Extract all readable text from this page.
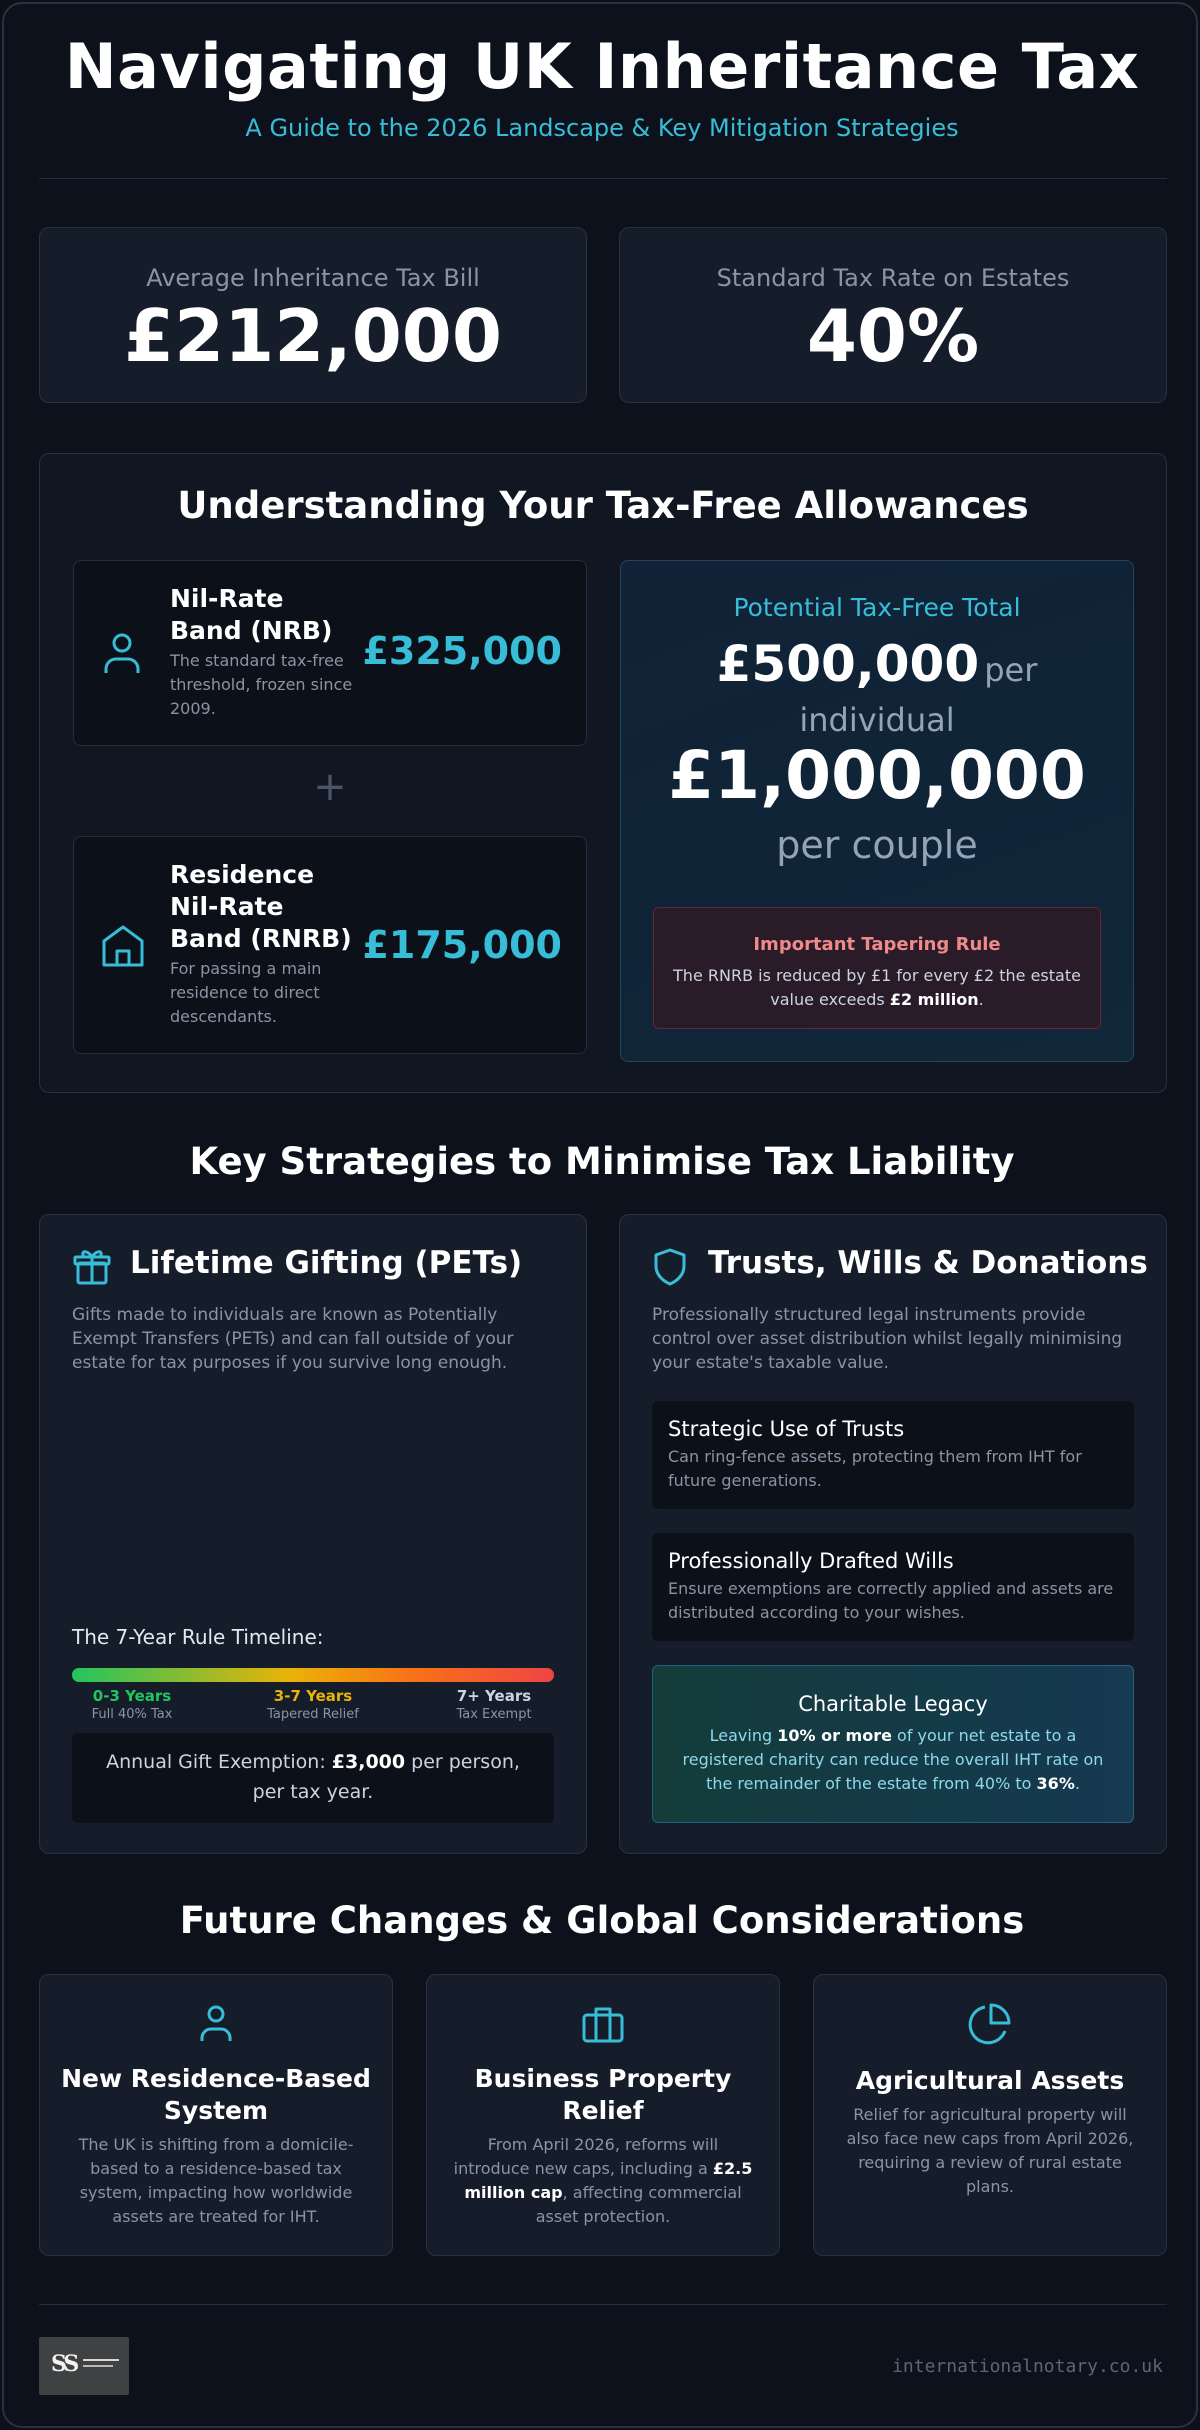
Navigating UK Inheritance Tax
A Guide to the 2026 Landscape & Key Mitigation Strategies
Average Inheritance Tax Bill
£212,000
Standard Tax Rate on Estates
40%
Understanding Your Tax-Free Allowances
Nil-Rate
Band (NRB)
The standard tax-free threshold, frozen since 2009.
£325,000
+
Residence
Nil-Rate
Band (RNRB)
For passing a main residence to direct descendants.
£175,000
Potential Tax-Free Total
£500,000 per
individual
£1,000,000
per couple
Important Tapering Rule
The RNRB is reduced by £1 for every £2 the estate value exceeds £2 million.
Key Strategies to Minimise Tax Liability
Lifetime Gifting (PETs)
Gifts made to individuals are known as Potentially Exempt Transfers (PETs) and can fall outside of your estate for tax purposes if you survive long enough.
The 7-Year Rule Timeline:
0-3 Years
Full 40% Tax
3-7 Years
Tapered Relief
7+ Years
Tax Exempt
Annual Gift Exemption: £3,000 per person, per tax year.
Trusts, Wills & Donations
Professionally structured legal instruments provide control over asset distribution whilst legally minimising your estate's taxable value.
Strategic Use of Trusts
Can ring-fence assets, protecting them from IHT for future generations.
Professionally Drafted Wills
Ensure exemptions are correctly applied and assets are distributed according to your wishes.
Charitable Legacy
Leaving 10% or more of your net estate to a registered charity can reduce the overall IHT rate on the remainder of the estate from 40% to 36%.
Future Changes & Global Considerations
New Residence-Based
System
The UK is shifting from a domicile-based to a residence-based tax system, impacting how worldwide assets are treated for IHT.
Business Property
Relief
From April 2026, reforms will introduce new caps, including a £2.5 million cap, affecting commercial asset protection.
Agricultural Assets
Relief for agricultural property will also face new caps from April 2026, requiring a review of rural estate plans.
SS	internationalnotary.co.uk
